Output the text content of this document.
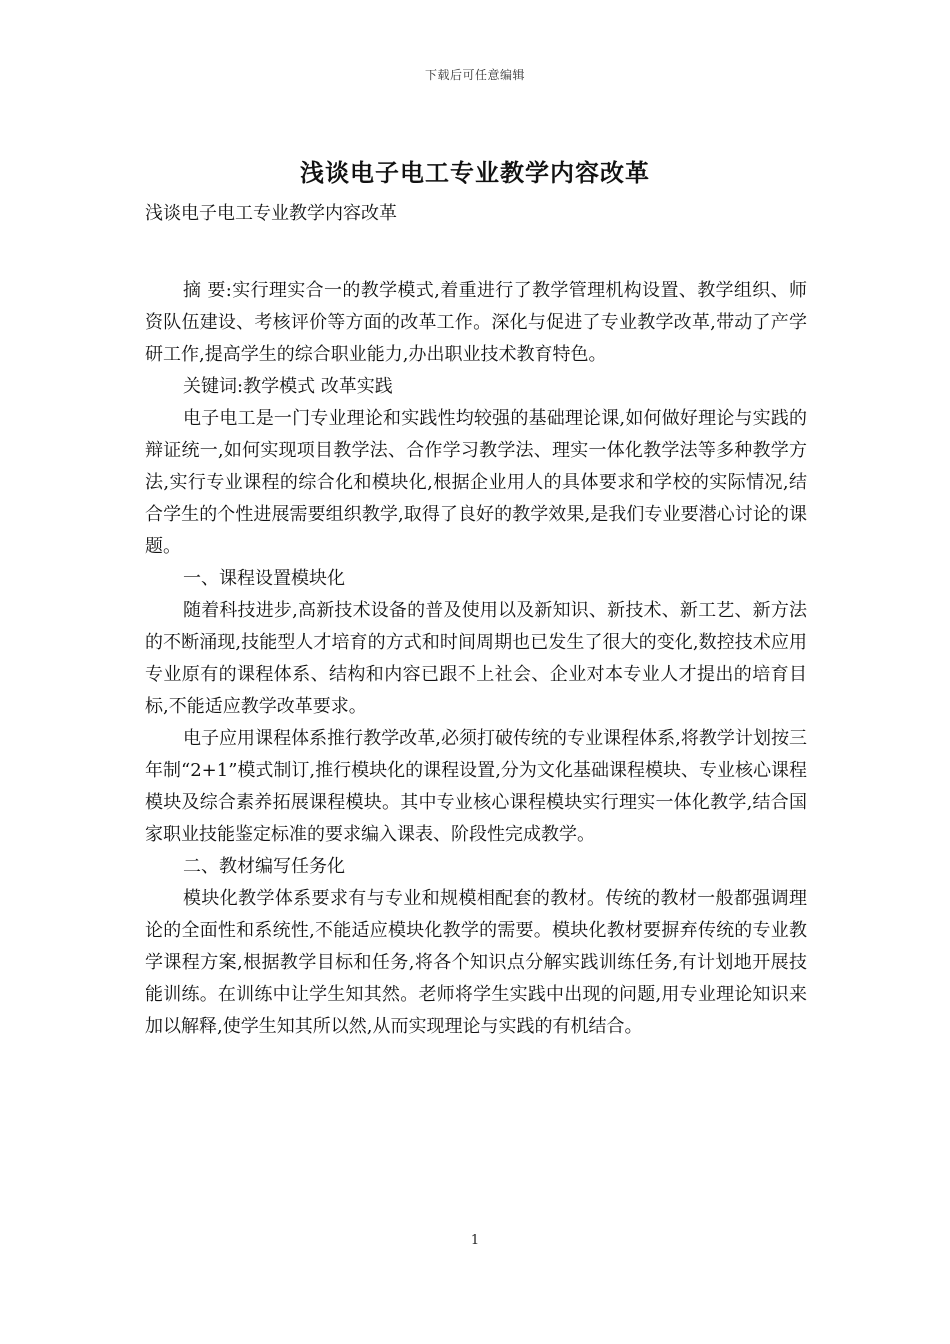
下载后可任意编辑
浅谈电子电工专业教学内容改革

浅谈电子电工专业教学内容改革

摘 要:实行理实合一的教学模式,着重进行了教学管理机构设置、教学组织、师资队伍建设、考核评价等方面的改革工作。深化与促进了专业教学改革,带动了产学研工作,提高学生的综合职业能力,办出职业技术教育特色。

关键词:教学模式 改革实践

电子电工是一门专业理论和实践性均较强的基础理论课,如何做好理论与实践的辩证统一,如何实现项目教学法、合作学习教学法、理实一体化教学法等多种教学方法,实行专业课程的综合化和模块化,根据企业用人的具体要求和学校的实际情况,结合学生的个性进展需要组织教学,取得了良好的教学效果,是我们专业要潜心讨论的课题。

一、课程设置模块化

随着科技进步,高新技术设备的普及使用以及新知识、新技术、新工艺、新方法的不断涌现,技能型人才培育的方式和时间周期也已发生了很大的变化,数控技术应用专业原有的课程体系、结构和内容已跟不上社会、企业对本专业人才提出的培育目标,不能适应教学改革要求。

电子应用课程体系推行教学改革,必须打破传统的专业课程体系,将教学计划按三年制“2+1”模式制订,推行模块化的课程设置,分为文化基础课程模块、专业核心课程模块及综合素养拓展课程模块。其中专业核心课程模块实行理实一体化教学,结合国家职业技能鉴定标准的要求编入课表、阶段性完成教学。

二、教材编写任务化

模块化教学体系要求有与专业和规模相配套的教材。传统的教材一般都强调理论的全面性和系统性,不能适应模块化教学的需要。模块化教材要摒弃传统的专业教学课程方案,根据教学目标和任务,将各个知识点分解实践训练任务,有计划地开展技能训练。在训练中让学生知其然。老师将学生实践中出现的问题,用专业理论知识来加以解释,使学生知其所以然,从而实现理论与实践的有机结合。

1
